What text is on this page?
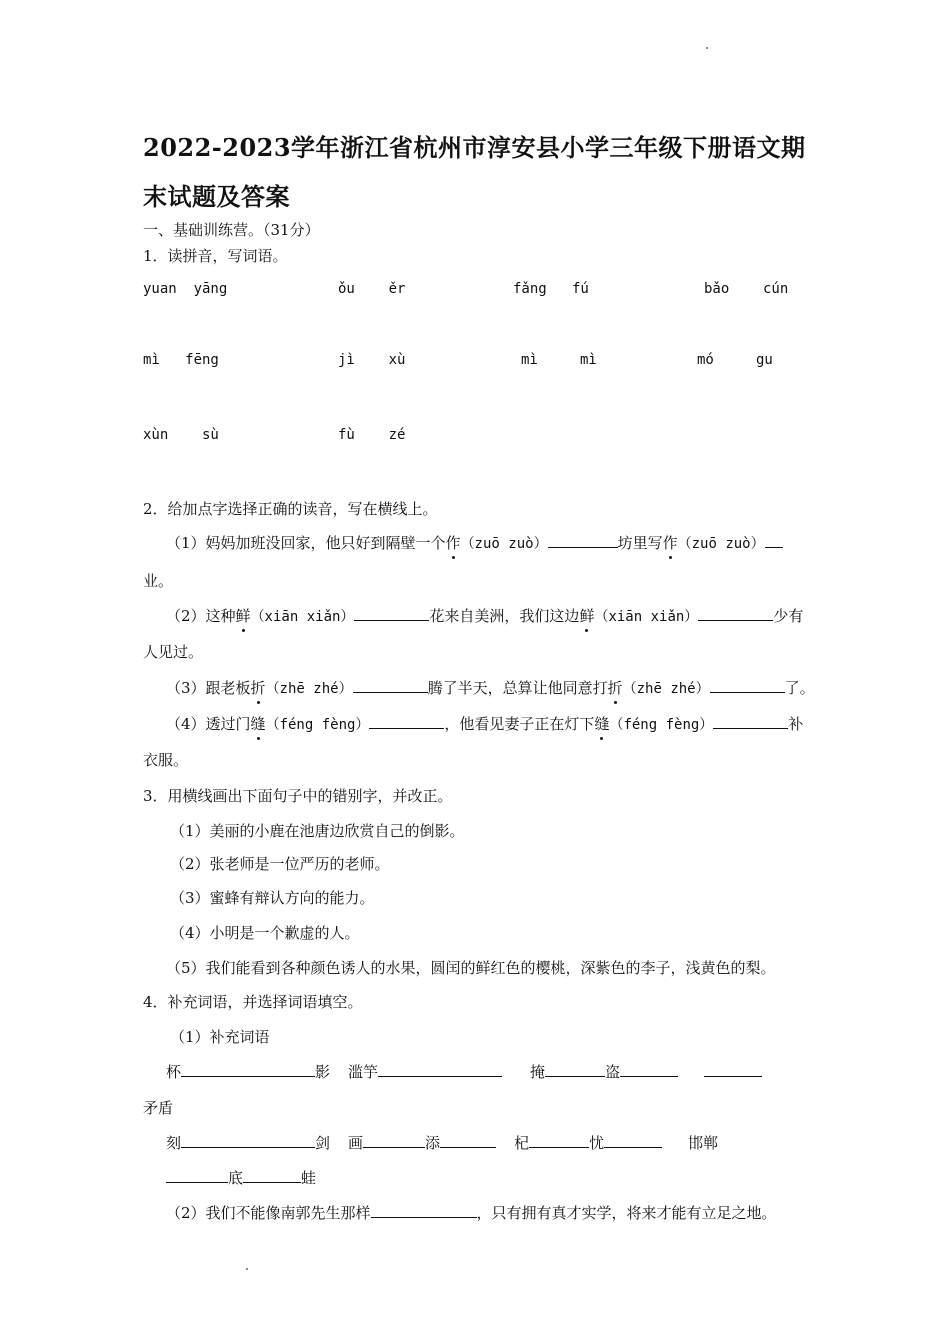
2022-2023学年浙江省杭州市淳安县小学三年级下册语文期
末试题及答案
一、基础训练营。（31分）
1．读拼音，写词语。
yuan  yāng	ǒu    ěr	fǎng   fú	bǎo    cún
mì   fēng	jì    xù	mì     mì	mó     gu
xùn    sù	fù    zé
2．给加点字选择正确的读音，写在横线上。
（1）妈妈加班没回家，他只好到隔壁一个作（zuō zuò）	坊里写作（zuō zuò）
业。
（2）这种鲜（xiān xiǎn）	花来自美洲，我们这边鲜（xiān xiǎn）	少有
人见过。
（3）跟老板折（zhē zhé）	腾了半天，总算让他同意打折（zhē zhé）	了。
（4）透过门缝（féng fèng）	，他看见妻子正在灯下缝（féng fèng）	补
衣服。
3．用横线画出下面句子中的错别字，并改正。
（1）美丽的小鹿在池唐边欣赏自己的倒影。
（2）张老师是一位严历的老师。
（3）蜜蜂有辩认方向的能力。
（4）小明是一个歉虚的人。
（5）我们能看到各种颜色诱人的水果，圆闰的鲜红色的樱桃，深紫色的李子，浅黄色的梨。
4．补充词语，并选择词语填空。
（1）补充词语
杯	影 滥竽	掩	盗
矛盾
刻	剑 画	添	杞	忧	邯郸
底	蛙
（2）我们不能像南郭先生那样	，只有拥有真才实学，将来才能有立足之地。
